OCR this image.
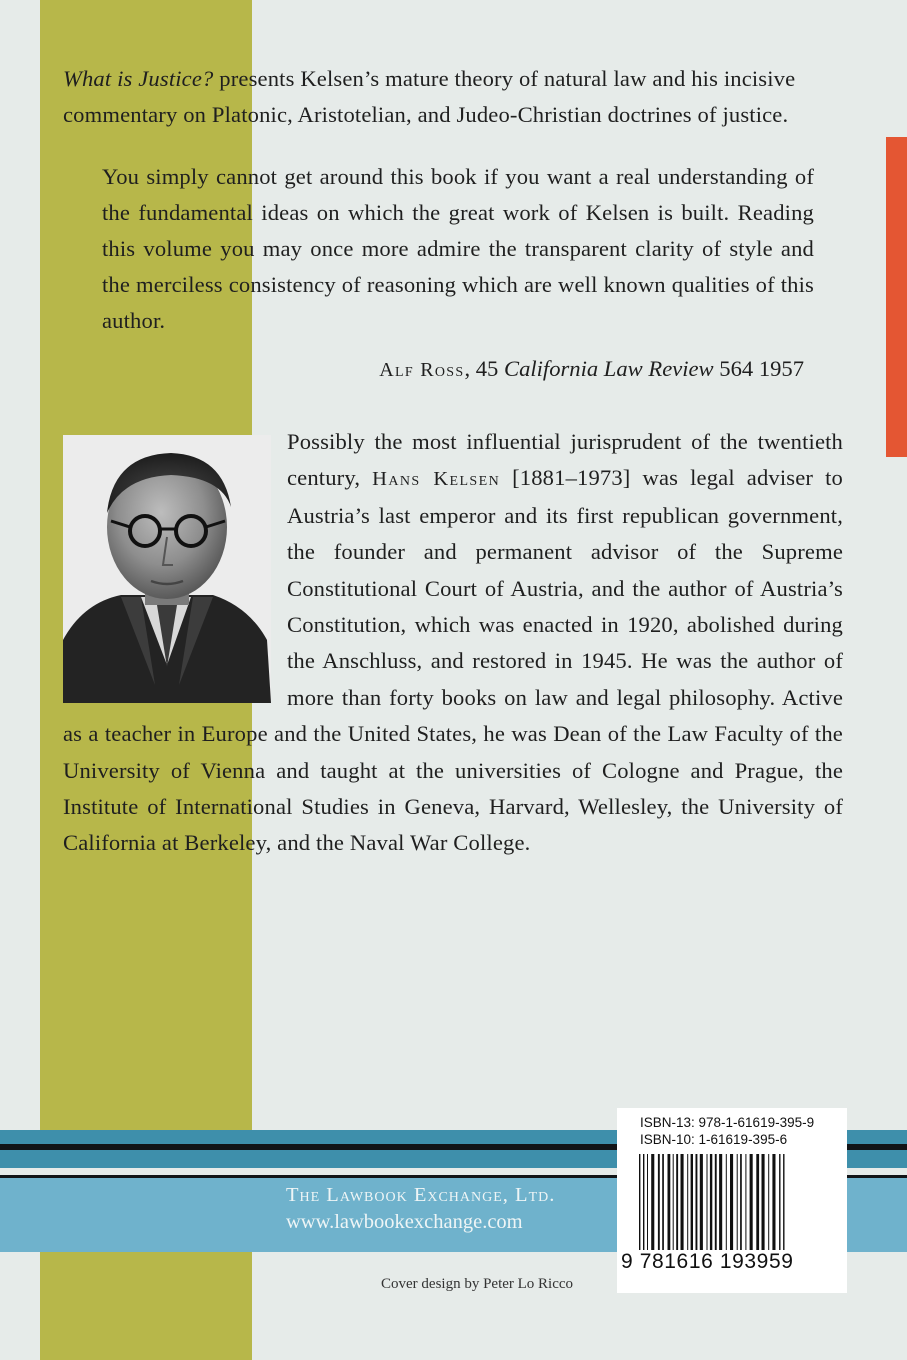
What is Justice? presents Kelsen’s mature theory of natural law and his incisive commentary on Platonic, Aristotelian, and Judeo-Christian doctrines of justice.

You simply cannot get around this book if you want a real understanding of the fundamental ideas on which the great work of Kelsen is built. Reading this volume you may once more admire the transparent clarity of style and the merciless consistency of reasoning which are well known qualities of this author.

Alf Ross, 45 California Law Review 564 1957

Possibly the most influential jurisprudent of the twentieth century, Hans Kelsen [1881–1973] was legal adviser to Austria’s last emperor and its first republican government, the founder and permanent advisor of the Supreme Constitutional Court of Austria, and the author of Austria’s Constitution, which was enacted in 1920, abolished during the Anschluss, and restored in 1945. He was the author of more than forty books on law and legal philosophy. Active as a teacher in Europe and the United States, he was Dean of the Law Faculty of the University of Vienna and taught at the universities of Cologne and Prague, the Institute of International Studies in Geneva, Harvard, Wellesley, the University of California at Berkeley, and the Naval War College.
The Lawbook Exchange, Ltd.
www.lawbookexchange.com
Cover design by Peter Lo Ricco
ISBN-13: 978-1-61619-395-9
ISBN-10: 1-61619-395-6
9 781616 193959
